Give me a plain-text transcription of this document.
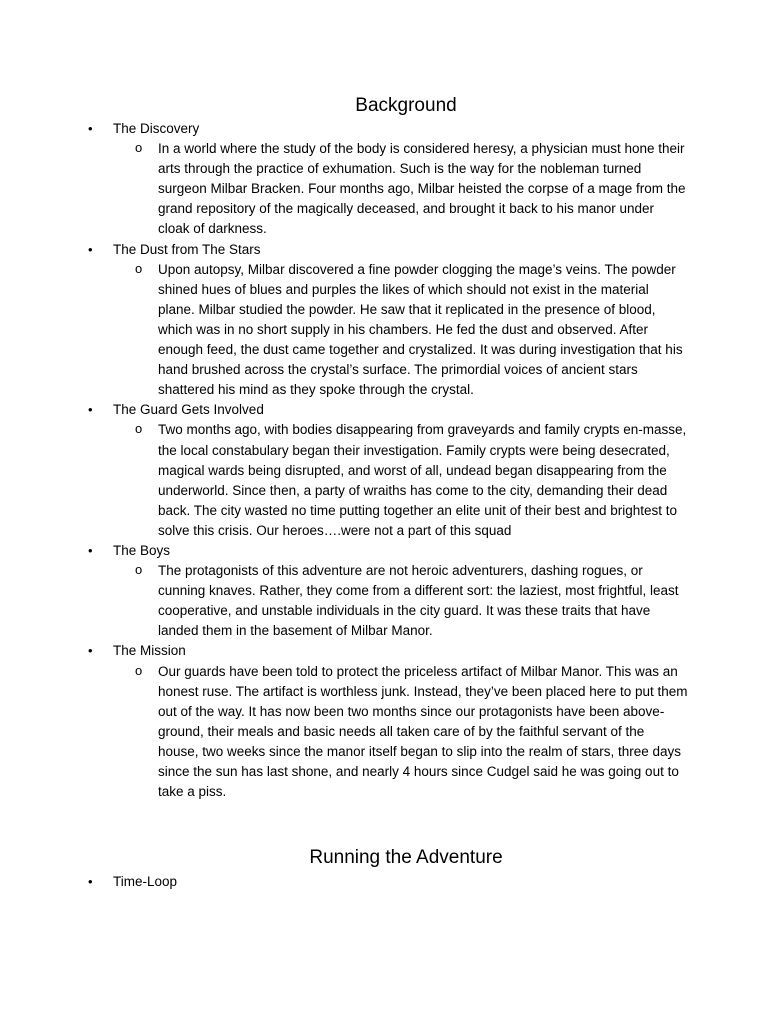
Background
•	The Discovery
o In a world where the study of the body is considered heresy, a physician must hone their arts through the practice of exhumation. Such is the way for the nobleman turned surgeon Milbar Bracken. Four months ago, Milbar heisted the corpse of a mage from the grand repository of the magically deceased, and brought it back to his manor under cloak of darkness.
•	The Dust from The Stars
o Upon autopsy, Milbar discovered a fine powder clogging the mage’s veins. The powder shined hues of blues and purples the likes of which should not exist in the material plane. Milbar studied the powder. He saw that it replicated in the presence of blood, which was in no short supply in his chambers. He fed the dust and observed. After enough feed, the dust came together and crystalized. It was during investigation that his hand brushed across the crystal’s surface. The primordial voices of ancient stars shattered his mind as they spoke through the crystal.
•	The Guard Gets Involved
o Two months ago, with bodies disappearing from graveyards and family crypts en-masse, the local constabulary began their investigation. Family crypts were being desecrated, magical wards being disrupted, and worst of all, undead began disappearing from the underworld. Since then, a party of wraiths has come to the city, demanding their dead back. The city wasted no time putting together an elite unit of their best and brightest to solve this crisis. Our heroes….were not a part of this squad
•	The Boys
o The protagonists of this adventure are not heroic adventurers, dashing rogues, or cunning knaves. Rather, they come from a different sort: the laziest, most frightful, least cooperative, and unstable individuals in the city guard. It was these traits that have landed them in the basement of Milbar Manor.
•	The Mission
o Our guards have been told to protect the priceless artifact of Milbar Manor. This was an honest ruse. The artifact is worthless junk. Instead, they’ve been placed here to put them out of the way. It has now been two months since our protagonists have been above-ground, their meals and basic needs all taken care of by the faithful servant of the house, two weeks since the manor itself began to slip into the realm of stars, three days since the sun has last shone, and nearly 4 hours since Cudgel said he was going out to take a piss.
Running the Adventure
•	Time-Loop
